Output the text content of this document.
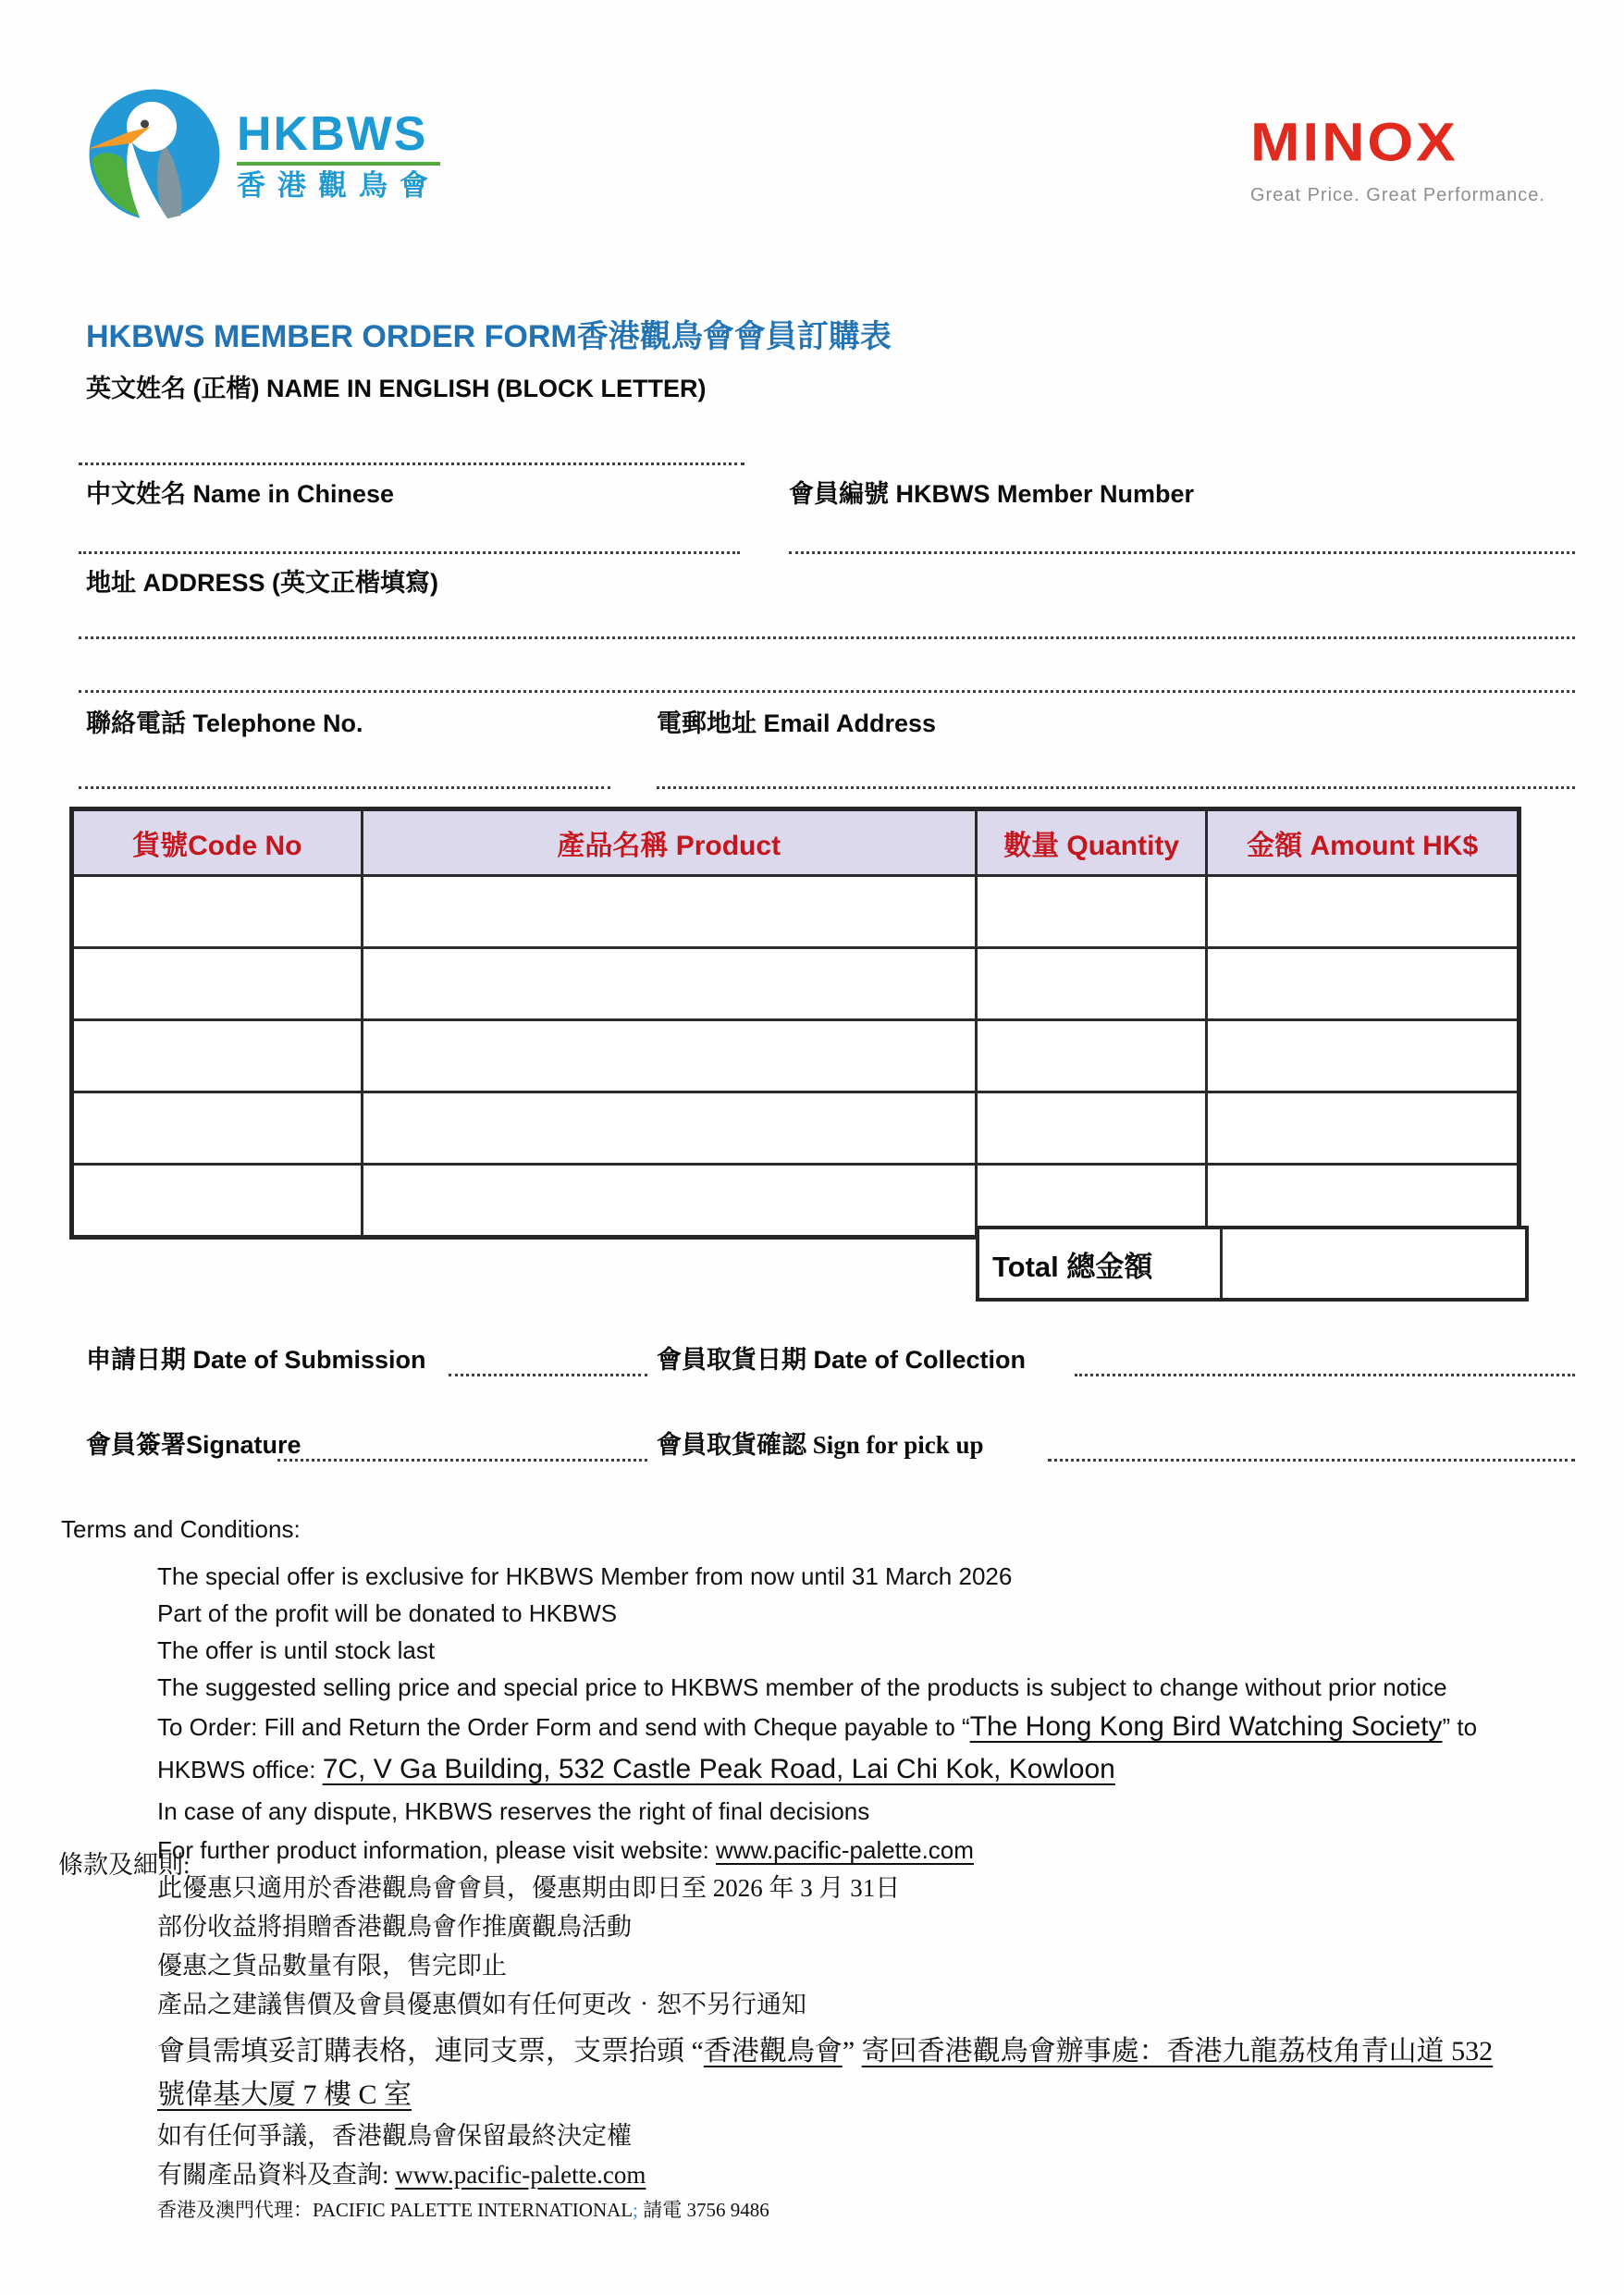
HKBWS
香港觀鳥會
MINOX
Great Price. Great Performance.
HKBWS MEMBER ORDER FORM香港觀鳥會會員訂購表
英文姓名 (正楷) NAME IN ENGLISH (BLOCK LETTER)
中文姓名 Name in Chinese	會員編號 HKBWS Member Number
地址 ADDRESS (英文正楷填寫)
聯絡電話 Telephone No.	電郵地址 Email Address
貨號Code No	產品名稱 Product	數量 Quantity	金額 Amount HK$

Total 總金額
申請日期 Date of Submission	會員取貨日期 Date of Collection
會員簽署Signature	會員取貨確認 Sign for pick up
Terms and Conditions:

The special offer is exclusive for HKBWS Member from now until 31 March 2026

Part of the profit will be donated to HKBWS

The offer is until stock last

The suggested selling price and special price to HKBWS member of the products is subject to change without prior notice

To Order: Fill and Return the Order Form and send with Cheque payable to “The Hong Kong Bird Watching Society” to

HKBWS office: 7C, V Ga Building, 532 Castle Peak Road, Lai Chi Kok, Kowloon

In case of any dispute, HKBWS reserves the right of final decisions

For further product information, please visit website: www.pacific-palette.com

條款及細則:

此優惠只適用於香港觀鳥會會員，優惠期由即日至 2026 年 3 月 31日

部份收益將捐贈香港觀鳥會作推廣觀鳥活動

優惠之貨品數量有限，售完即止

產品之建議售價及會員優惠價如有任何更改‧恕不另行通知

會員需填妥訂購表格，連同支票，支票抬頭 “香港觀鳥會” 寄回香港觀鳥會辦事處：香港九龍荔枝角青山道 532

號偉基大厦 7 樓 C 室

如有任何爭議，香港觀鳥會保留最終決定權

有關產品資料及查詢: www.pacific-palette.com

香港及澳門代理：PACIFIC PALETTE INTERNATIONAL; 請電 3756 9486
